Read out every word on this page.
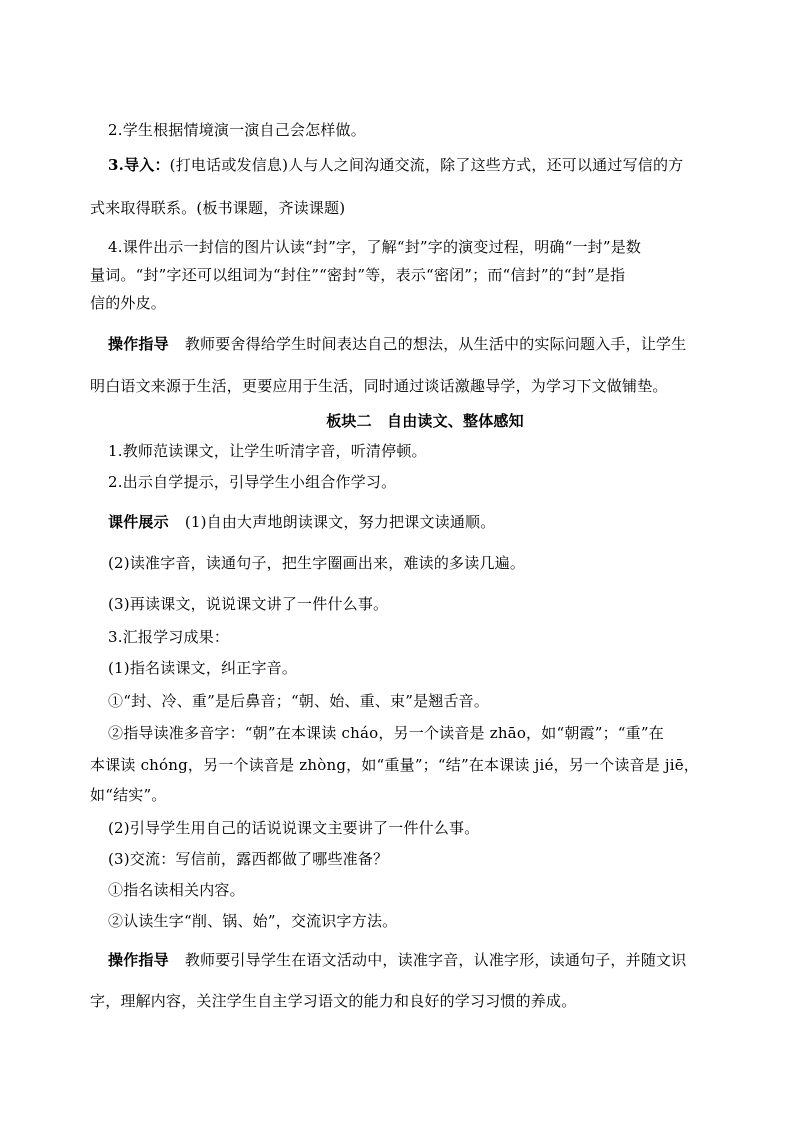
2.学生根据情境演一演自己会怎样做。
3.导入：(打电话或发信息)人与人之间沟通交流，除了这些方式，还可以通过写信的方
式来取得联系。(板书课题，齐读课题)
4.课件出示一封信的图片认读“封”字，了解“封”字的演变过程，明确“一封”是数
量词。“封”字还可以组词为“封住”“密封”等，表示“密闭”；而“信封”的“封”是指
信的外皮。
操作指导 教师要舍得给学生时间表达自己的想法，从生活中的实际问题入手，让学生
明白语文来源于生活，更要应用于生活，同时通过谈话激趣导学，为学习下文做铺垫。
板块二　自由读文、整体感知
1.教师范读课文，让学生听清字音，听清停顿。
2.出示自学提示，引导学生小组合作学习。
课件展示 (1)自由大声地朗读课文，努力把课文读通顺。
(2)读准字音，读通句子，把生字圈画出来，难读的多读几遍。
(3)再读课文，说说课文讲了一件什么事。
3.汇报学习成果：
(1)指名读课文，纠正字音。
①“封、冷、重”是后鼻音；“朝、始、重、束”是翘舌音。
②指导读准多音字：“朝”在本课读 cháo，另一个读音是 zhāo，如“朝霞”；“重”在
本课读 chóng，另一个读音是 zhòng，如“重量”；“结”在本课读 jié，另一个读音是 jiē，
如“结实”。
(2)引导学生用自己的话说说课文主要讲了一件什么事。
(3)交流：写信前，露西都做了哪些准备？
①指名读相关内容。
②认读生字“削、锅、始”，交流识字方法。
操作指导 教师要引导学生在语文活动中，读准字音，认准字形，读通句子，并随文识
字，理解内容，关注学生自主学习语文的能力和良好的学习习惯的养成。
